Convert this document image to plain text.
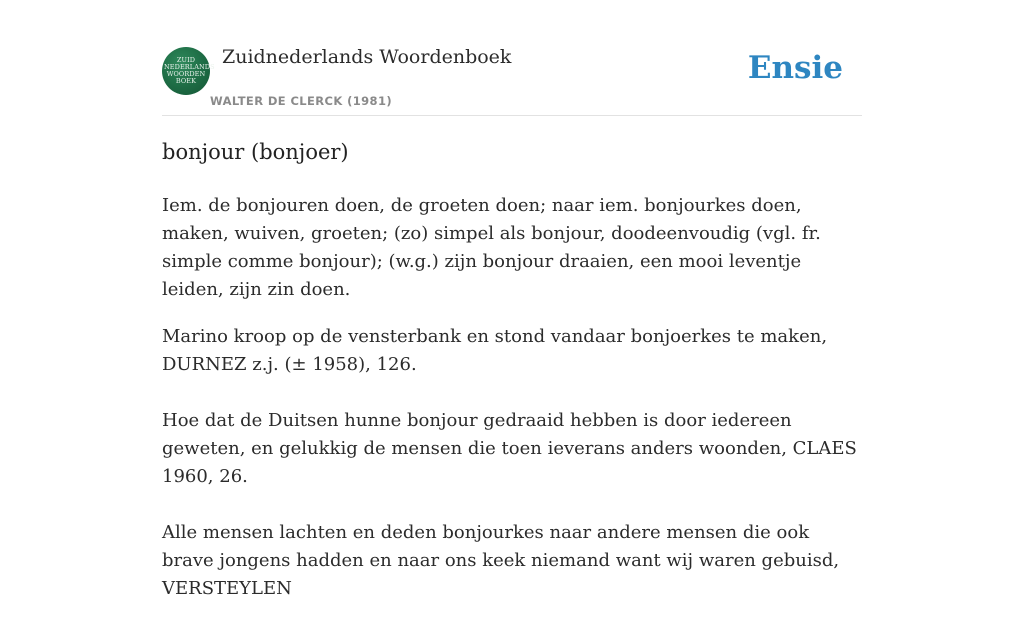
ZUID
NEDERLANDS
WOORDEN
BOEK
Zuidnederlands Woordenboek
WALTER DE CLERCK (1981)
Ensie
bonjour (bonjoer)

Iem. de bonjouren doen, de groeten doen; naar iem. bonjourkes doen, maken, wuiven, groeten; (zo) simpel als bonjour, doodeenvoudig (vgl. fr. simple comme bonjour); (w.g.) zijn bonjour draaien, een mooi leventje leiden, zijn zin doen.

Marino kroop op de vensterbank en stond vandaar bonjoerkes te maken, DURNEZ z.j. (± 1958), 126.

Hoe dat de Duitsen hunne bonjour gedraaid hebben is door iedereen geweten, en gelukkig de mensen die toen ieverans anders woonden, CLAES 1960, 26.

Alle mensen lachten en deden bonjourkes naar andere mensen die ook brave jongens hadden en naar ons keek niemand want wij waren gebuisd, VERSTEYLEN
